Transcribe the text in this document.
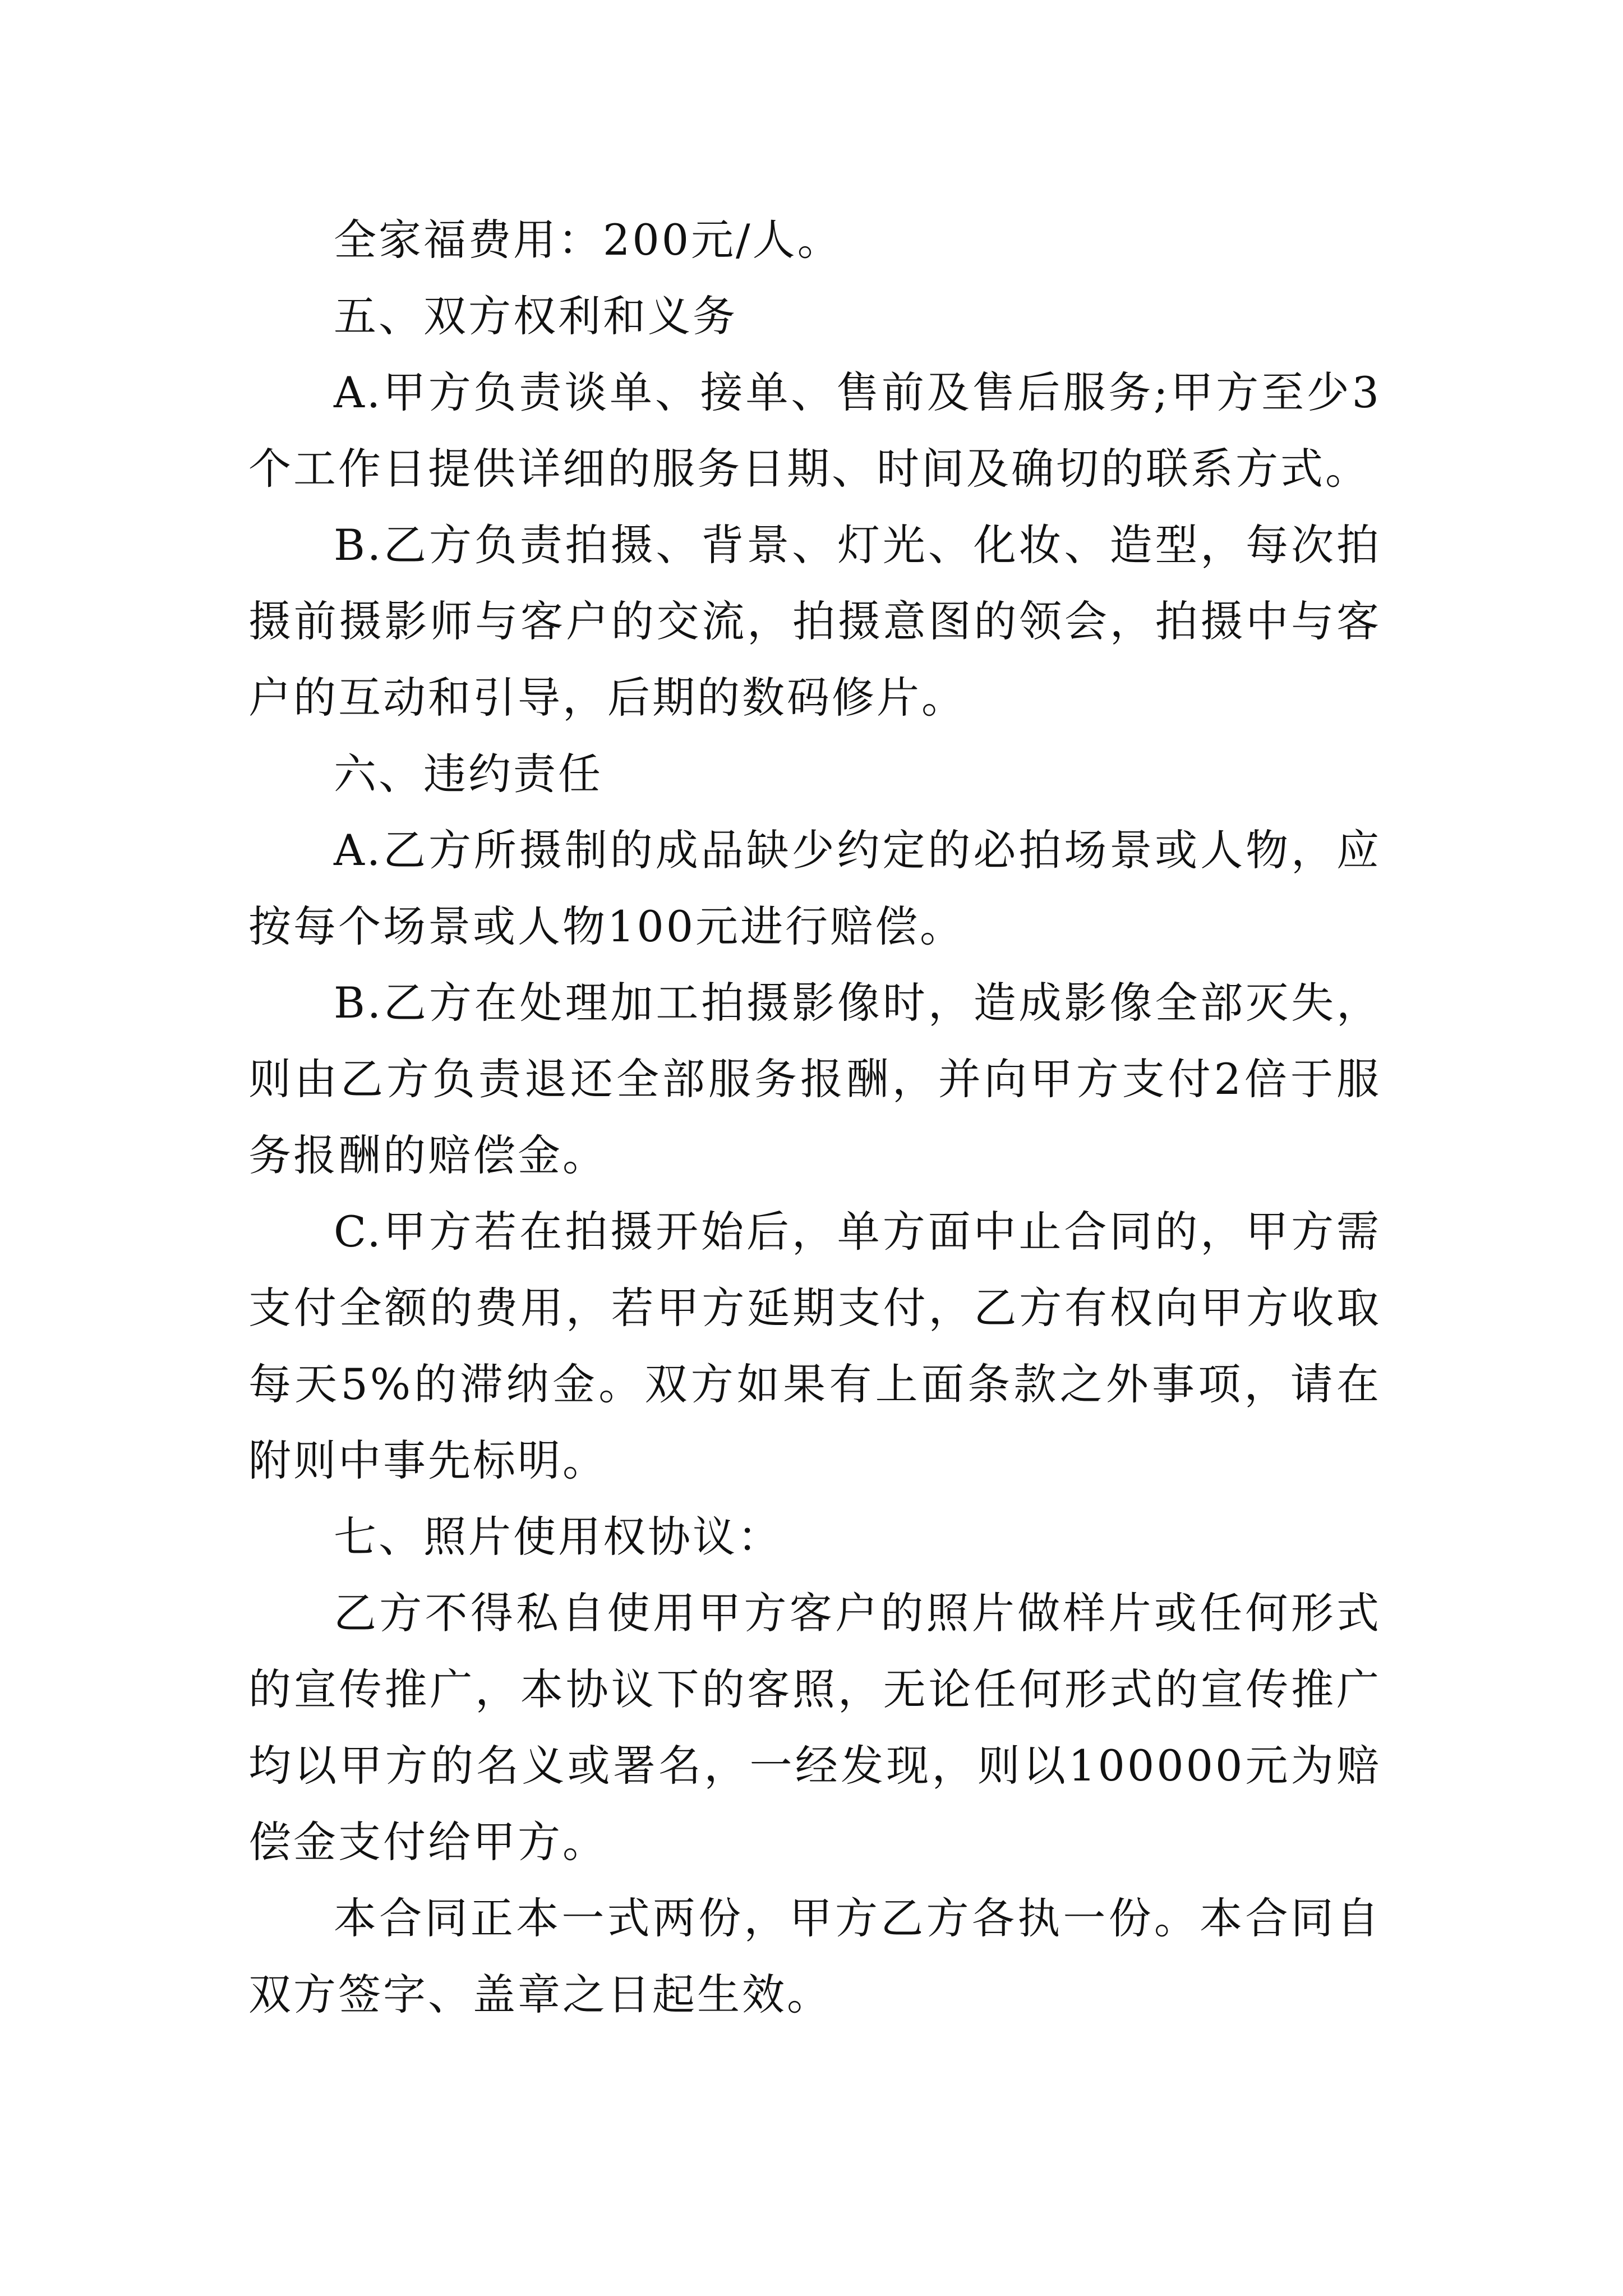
全家福费用：200元/人。

五、双方权利和义务

A.甲方负责谈单、接单、售前及售后服务;甲方至少3个工作日提供详细的服务日期、时间及确切的联系方式。

B.乙方负责拍摄、背景、灯光、化妆、造型，每次拍摄前摄影师与客户的交流，拍摄意图的领会，拍摄中与客户的互动和引导，后期的数码修片。

六、违约责任

A.乙方所摄制的成品缺少约定的必拍场景或人物，应按每个场景或人物100元进行赔偿。

B.乙方在处理加工拍摄影像时，造成影像全部灭失，则由乙方负责退还全部服务报酬，并向甲方支付2倍于服务报酬的赔偿金。

C.甲方若在拍摄开始后，单方面中止合同的，甲方需支付全额的费用，若甲方延期支付，乙方有权向甲方收取每天5%的滞纳金。双方如果有上面条款之外事项，请在附则中事先标明。

七、照片使用权协议：

乙方不得私自使用甲方客户的照片做样片或任何形式的宣传推广，本协议下的客照，无论任何形式的宣传推广均以甲方的名义或署名，一经发现，则以100000元为赔偿金支付给甲方。

本合同正本一式两份，甲方乙方各执一份。本合同自双方签字、盖章之日起生效。
